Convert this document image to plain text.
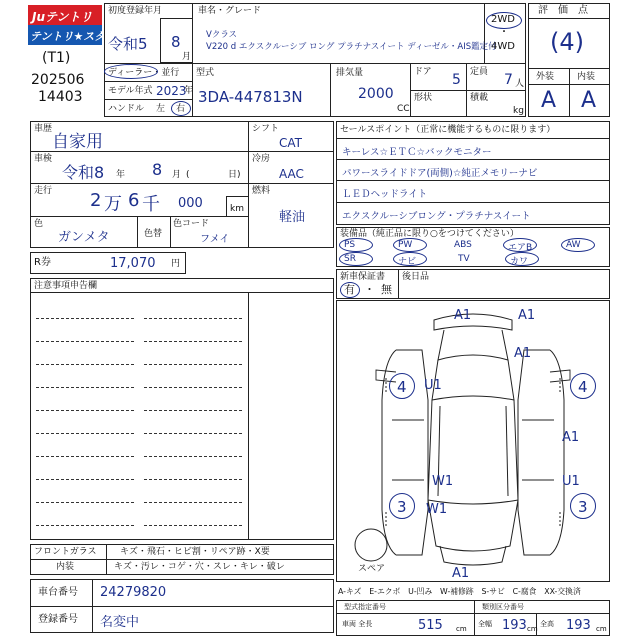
Juテントリ
テントリ★スター
(T1)
202506
14403
初度登録年月
令和5 8
月
車名・グレード
Vクラス
V220 d エクスクルーシブ ロング プラチナスイート ディーゼル・AIS鑑定付
2WD
・
4WD
ディーラー・並行
モデル年式 2023
年
ハンドル 左 右
型式
3DA-447813N
排気量
2000
CC
ドア 5 定員 7 人
形状	積載
kg
評　価　点
(4)
外装	内装
A A
車歴
自家用
車検
令和8 年 8 月 (	日)
走行 2 万 6 千 000	km
色
ガンメタ	色替
色コード
フメイ
シフト
CAT
冷房
AAC
燃料
軽油
R券	17,070 円
セールスポイント（正常に機能するものに限ります）
キーレス☆ＥＴＣ☆バックモニター
パワースライドドア(両側)☆純正メモリーナビ
ＬＥＤヘッドライト
エクスクルーシブロング・プラチナスイート
装備品（純正品に限り○をつけてください）
PS	PW	ABS	エアB	AW
SR	ナビ	TV	カワ
新車保証書
有 ・ 無
後日品
注意事項申告欄
A1	A1
A1
4 U1	4
A1
W1	U1
3 W1	3
A1
スペア
フロントガラス	キズ・飛石・ヒビ割・リペア跡・X要
内装	キズ・汚レ・コゲ・穴・スレ・キレ・破レ
車台番号 24279820
登録番号 名変中
A-キズ　E-エクボ　U-凹み　W-補修跡　S-サビ　C-腐食　XX-交換済
型式指定番号	類別区分番号
車両 全長	515 cm
全幅 193 cm
全高 193 cm
